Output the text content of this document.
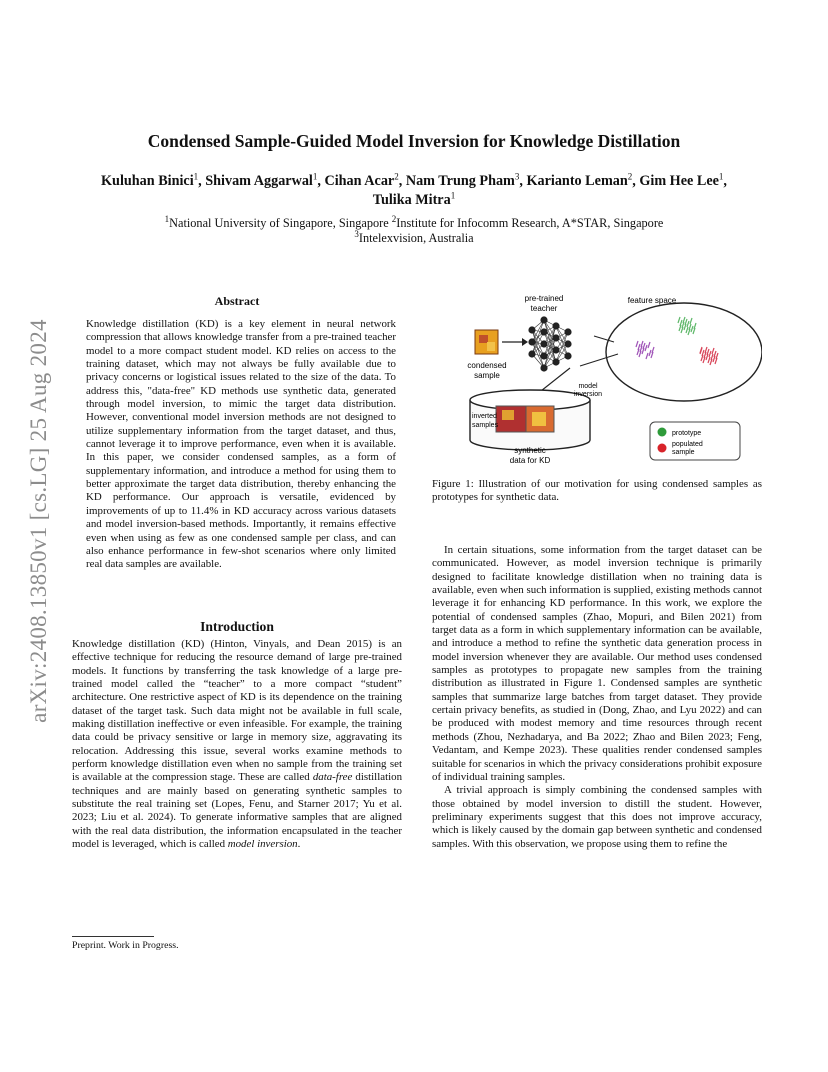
arXiv:2408.13850v1 [cs.LG] 25 Aug 2024
Condensed Sample-Guided Model Inversion for Knowledge Distillation
Kuluhan Binici$^1$, Shivam Aggarwal$^1$, Cihan Acar$^2$, Nam Trung Pham$^3$, Karianto Leman$^2$, Gim Hee Lee$^1$, Tulika Mitra$^1$
$^1$National University of Singapore, Singapore $^2$Institute for Infocomm Research, A*STAR, Singapore
$^3$Intelexvision, Australia
Abstract

Knowledge distillation (KD) is a key element in neural network compression that allows knowledge transfer from a pre-trained teacher model to a more compact student model. KD relies on access to the training dataset, which may not always be fully available due to privacy concerns or logistical issues related to the size of the data. To address this, "data-free" KD methods use synthetic data, generated through model inversion, to mimic the target data distribution. However, conventional model inversion methods are not designed to utilize supplementary information from the target dataset, and thus, cannot leverage it to improve performance, even when it is available. In this paper, we consider condensed samples, as a form of supplementary information, and introduce a method for using them to better approximate the target data distribution, thereby enhancing the KD performance. Our approach is versatile, evidenced by improvements of up to 11.4% in KD accuracy across various datasets and model inversion-based methods. Importantly, it remains effective even when using as few as one condensed sample per class, and can also enhance performance in few-shot scenarios where only limited real data samples are available.

Introduction

Knowledge distillation (KD) (Hinton, Vinyals, and Dean 2015) is an effective technique for reducing the resource demand of large pre-trained models. It functions by transferring the task knowledge of a large pre-trained model called the “teacher” to a more compact “student” architecture. One restrictive aspect of KD is its dependence on the training dataset of the target task. Such data might not be available in full scale, making distillation ineffective or even infeasible. For example, the training data could be privacy sensitive or large in memory size, aggravating its relocation. Addressing this issue, several works examine methods to perform knowledge distillation even when no sample from the training set is available at the compression stage. These are called data-free distillation techniques and are mainly based on generating synthetic samples to substitute the real training set (Lopes, Fenu, and Starner 2017; Yu et al. 2023; Liu et al. 2024). To generate informative samples that are aligned with the real data distribution, the information encapsulated in the teacher model is leveraged, which is called model inversion.

Preprint. Work in Progress.
pre-trained
teacher
feature space
condensed
sample
model
inversion
inverted
samples
synthetic
data for KD
prototype
populated
sample

Figure 1: Illustration of our motivation for using condensed samples as prototypes for synthetic data.

In certain situations, some information from the target dataset can be communicated. However, as model inversion technique is primarily designed to facilitate knowledge distillation when no training data is available, even when such information is supplied, existing methods cannot leverage it for enhancing KD performance. In this work, we explore the potential of condensed samples (Zhao, Mopuri, and Bilen 2021) from target data as a form in which supplementary information can be available, and introduce a method to refine the synthetic data generation process in model inversion whenever they are available. Our method uses condensed samples as prototypes to propagate new samples from the training distribution as illustrated in Figure 1. Condensed samples are synthetic samples that summarize large batches from target dataset. They provide certain privacy benefits, as studied in (Dong, Zhao, and Lyu 2022) and can be produced with modest memory and time resources through recent methods (Zhou, Nezhadarya, and Ba 2022; Zhao and Bilen 2023; Feng, Vedantam, and Kempe 2023). These qualities render condensed samples suitable for scenarios in which the privacy considerations prohibit exposure of individual training samples.

A trivial approach is simply combining the condensed samples with those obtained by model inversion to distill the student. However, preliminary experiments suggest that this does not improve accuracy, which is likely caused by the domain gap between synthetic and condensed samples. With this observation, we propose using them to refine the
